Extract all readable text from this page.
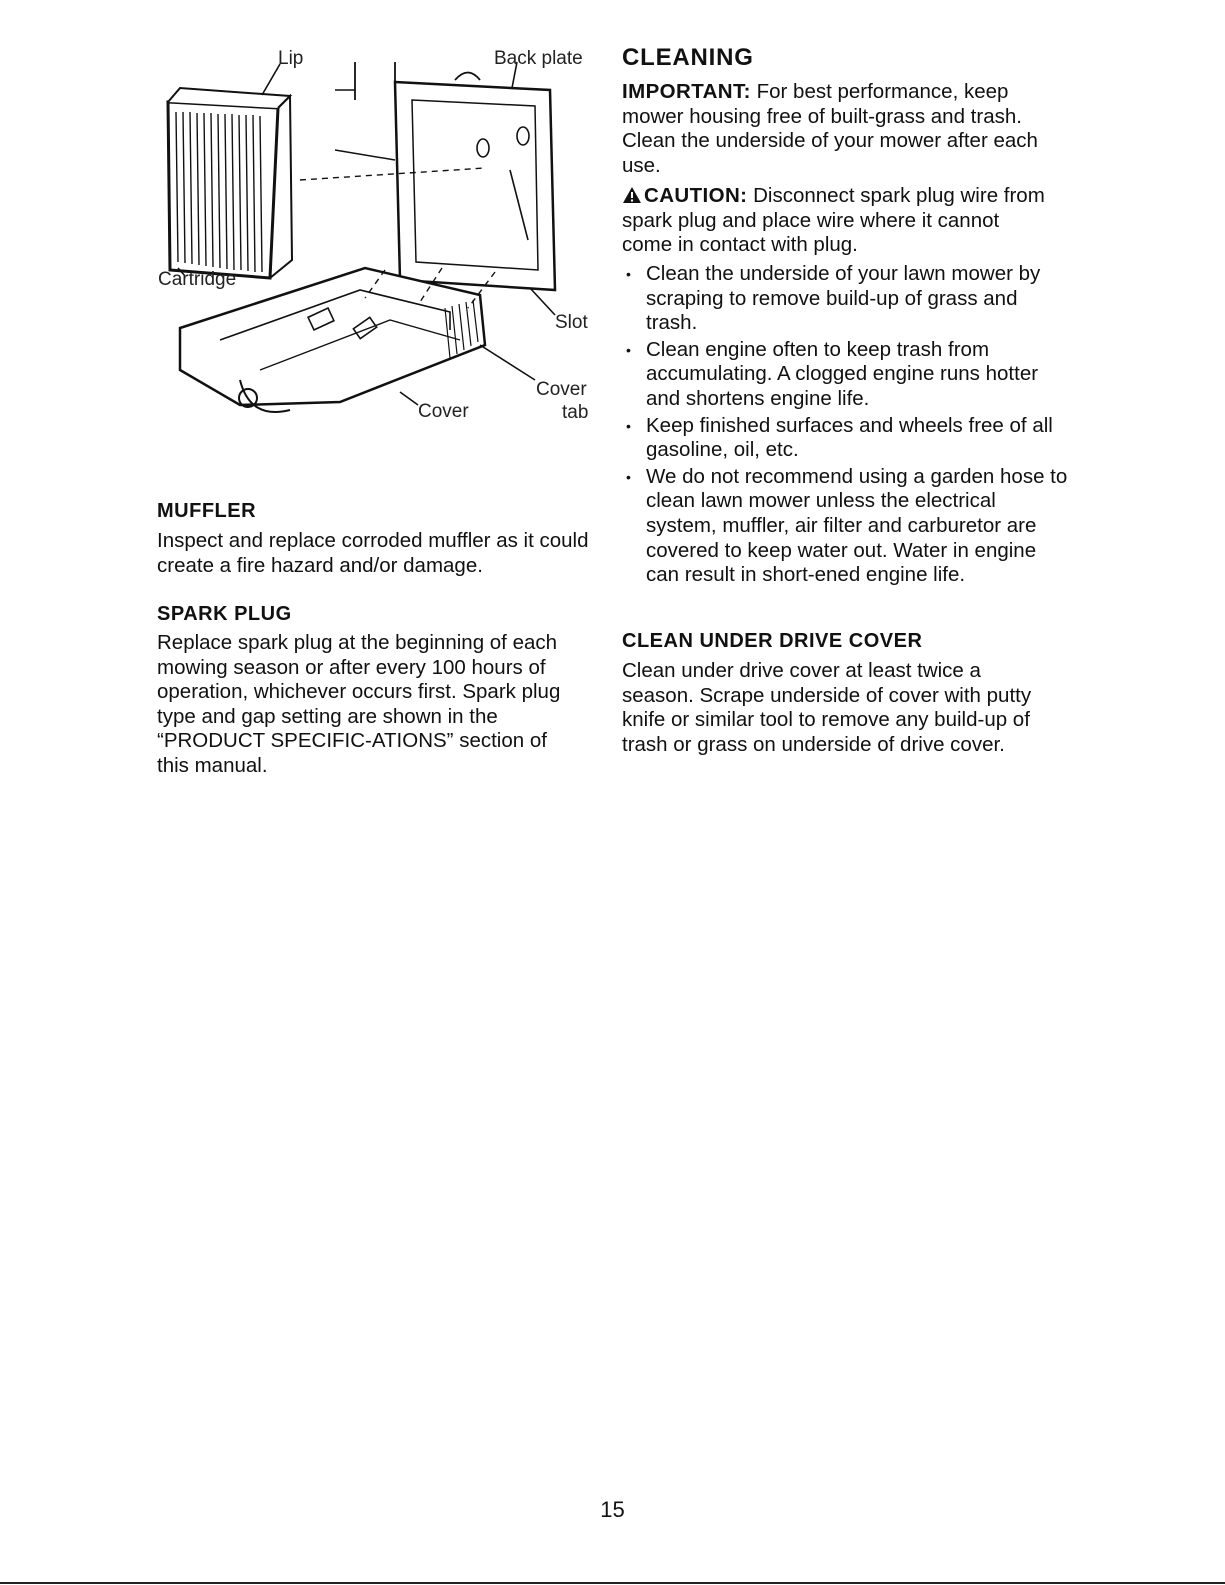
Lip	Back plate
Cartridge
Slot
Cover
Cover
tab
MUFFLER

Inspect and replace corroded muffler as it could create a fire hazard and/or damage.

SPARK PLUG

Replace spark plug at the beginning of each mowing season or after every 100 hours of operation, whichever occurs first. Spark plug type and gap setting are shown in the “PRODUCT SPECIFIC-ATIONS” section of this manual.

CLEANING

IMPORTANT: For best performance, keep mower housing free of built-grass and trash. Clean the underside of your mower after each use.

CAUTION: Disconnect spark plug wire from spark plug and place wire where it cannot come in contact with plug.

• Clean the underside of your lawn mower by scraping to remove build-up of grass and trash.
• Clean engine often to keep trash from accumulating. A clogged engine runs hotter and shortens engine life.
• Keep finished surfaces and wheels free of all gasoline, oil, etc.
• We do not recommend using a garden hose to clean lawn mower unless the electrical system, muffler, air filter and carburetor are covered to keep water out. Water in engine can result in short-ened engine life.
CLEAN UNDER DRIVE COVER

Clean under drive cover at least twice a season. Scrape underside of cover with putty knife or similar tool to remove any build-up of trash or grass on underside of drive cover.

15
